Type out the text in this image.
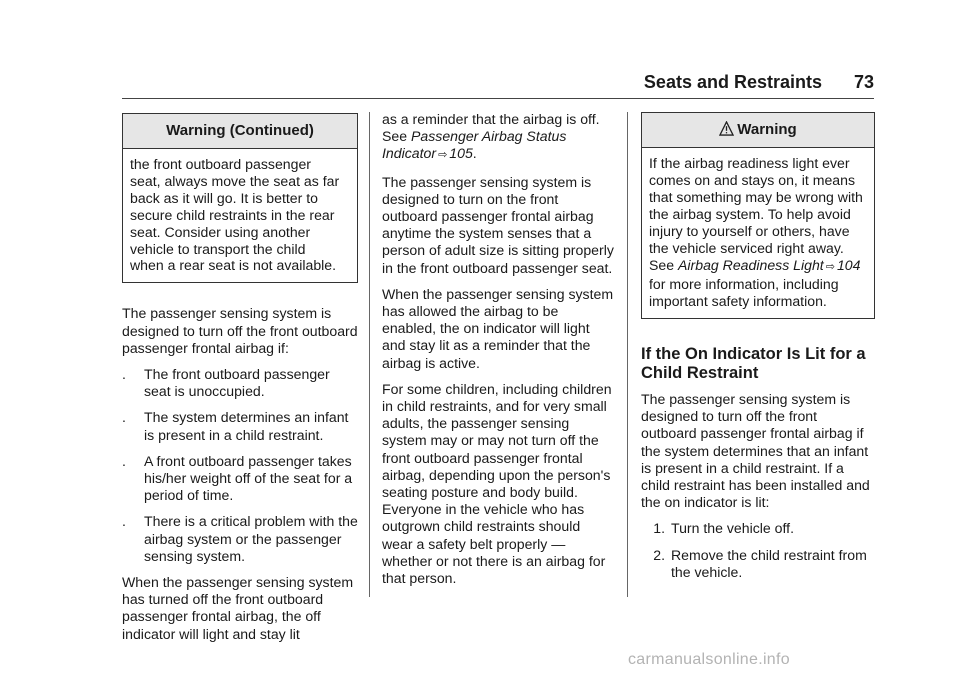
Seats and Restraints 73
Warning (Continued)
the front outboard passenger
seat, always move the seat as far
back as it will go. It is better to
secure child restraints in the rear
seat. Consider using another
vehicle to transport the child
when a rear seat is not available.

The passenger sensing system is designed to turn off the front outboard passenger frontal airbag if:

.	The front outboard passenger seat is unoccupied.
.	The system determines an infant is present in a child restraint.
.	A front outboard passenger takes his/her weight off of the seat for a period of time.
.	There is a critical problem with the airbag system or the passenger sensing system.

When the passenger sensing system has turned off the front outboard passenger frontal airbag, the off indicator will light and stay lit

as a reminder that the airbag is off. See Passenger Airbag Status Indicator ⇨ 105.

The passenger sensing system is designed to turn on the front outboard passenger frontal airbag anytime the system senses that a person of adult size is sitting properly in the front outboard passenger seat.

When the passenger sensing system has allowed the airbag to be enabled, the on indicator will light and stay lit as a reminder that the airbag is active.

For some children, including children in child restraints, and for very small adults, the passenger sensing system may or may not turn off the front outboard passenger frontal airbag, depending upon the person's seating posture and body build. Everyone in the vehicle who has outgrown child restraints should wear a safety belt properly — whether or not there is an airbag for that person.

Warning
If the airbag readiness light ever comes on and stays on, it means that something may be wrong with the airbag system. To help avoid injury to yourself or others, have the vehicle serviced right away. See Airbag Readiness Light ⇨ 104 for more information, including important safety information.
If the On Indicator Is Lit for a Child Restraint

The passenger sensing system is designed to turn off the front outboard passenger frontal airbag if the system determines that an infant is present in a child restraint. If a child restraint has been installed and the on indicator is lit:

1. Turn the vehicle off.
2. Remove the child restraint from the vehicle.
carmanualsonline.info
